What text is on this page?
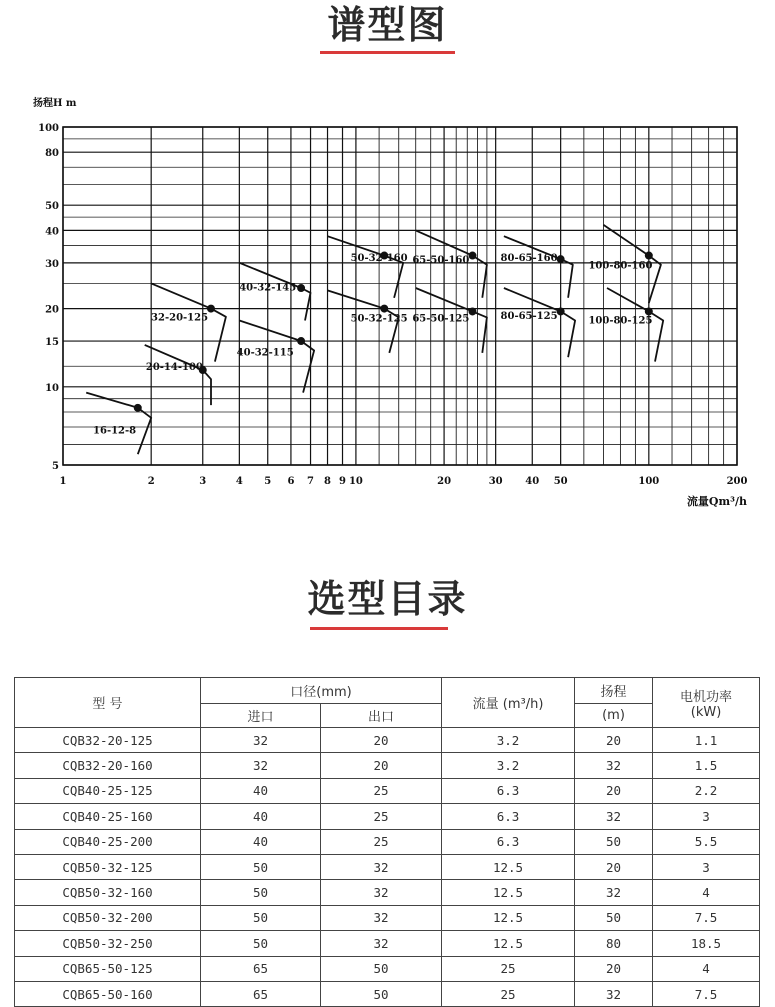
谱型图
1	2	3	4 5 6 7 8 9 10	20	30 40 50	100	200
5
10
15
20
30
40
50
80
100
扬程H m
流量Qm³/h
16-12-8
20-14-100
32-20-125
40-32-145
40-32-115
50-32-160
50-32-125
65-50-160
65-50-125
80-65-160
80-65-125
100-80-160
100-80-125
选型目录
型 号	口径(mm)		流量 (m³/h)	扬程	电机功率
(kW)

	进口	出口		(m)	
CQB32-20-125	32	20	3.2	20	1.1
CQB32-20-160	32	20	3.2	32	1.5
CQB40-25-125	40	25	6.3	20	2.2
CQB40-25-160	40	25	6.3	32	3
CQB40-25-200	40	25	6.3	50	5.5
CQB50-32-125	50	32	12.5	20	3
CQB50-32-160	50	32	12.5	32	4
CQB50-32-200	50	32	12.5	50	7.5
CQB50-32-250	50	32	12.5	80	18.5
CQB65-50-125	65	50	25	20	4
CQB65-50-160	65	50	25	32	7.5
